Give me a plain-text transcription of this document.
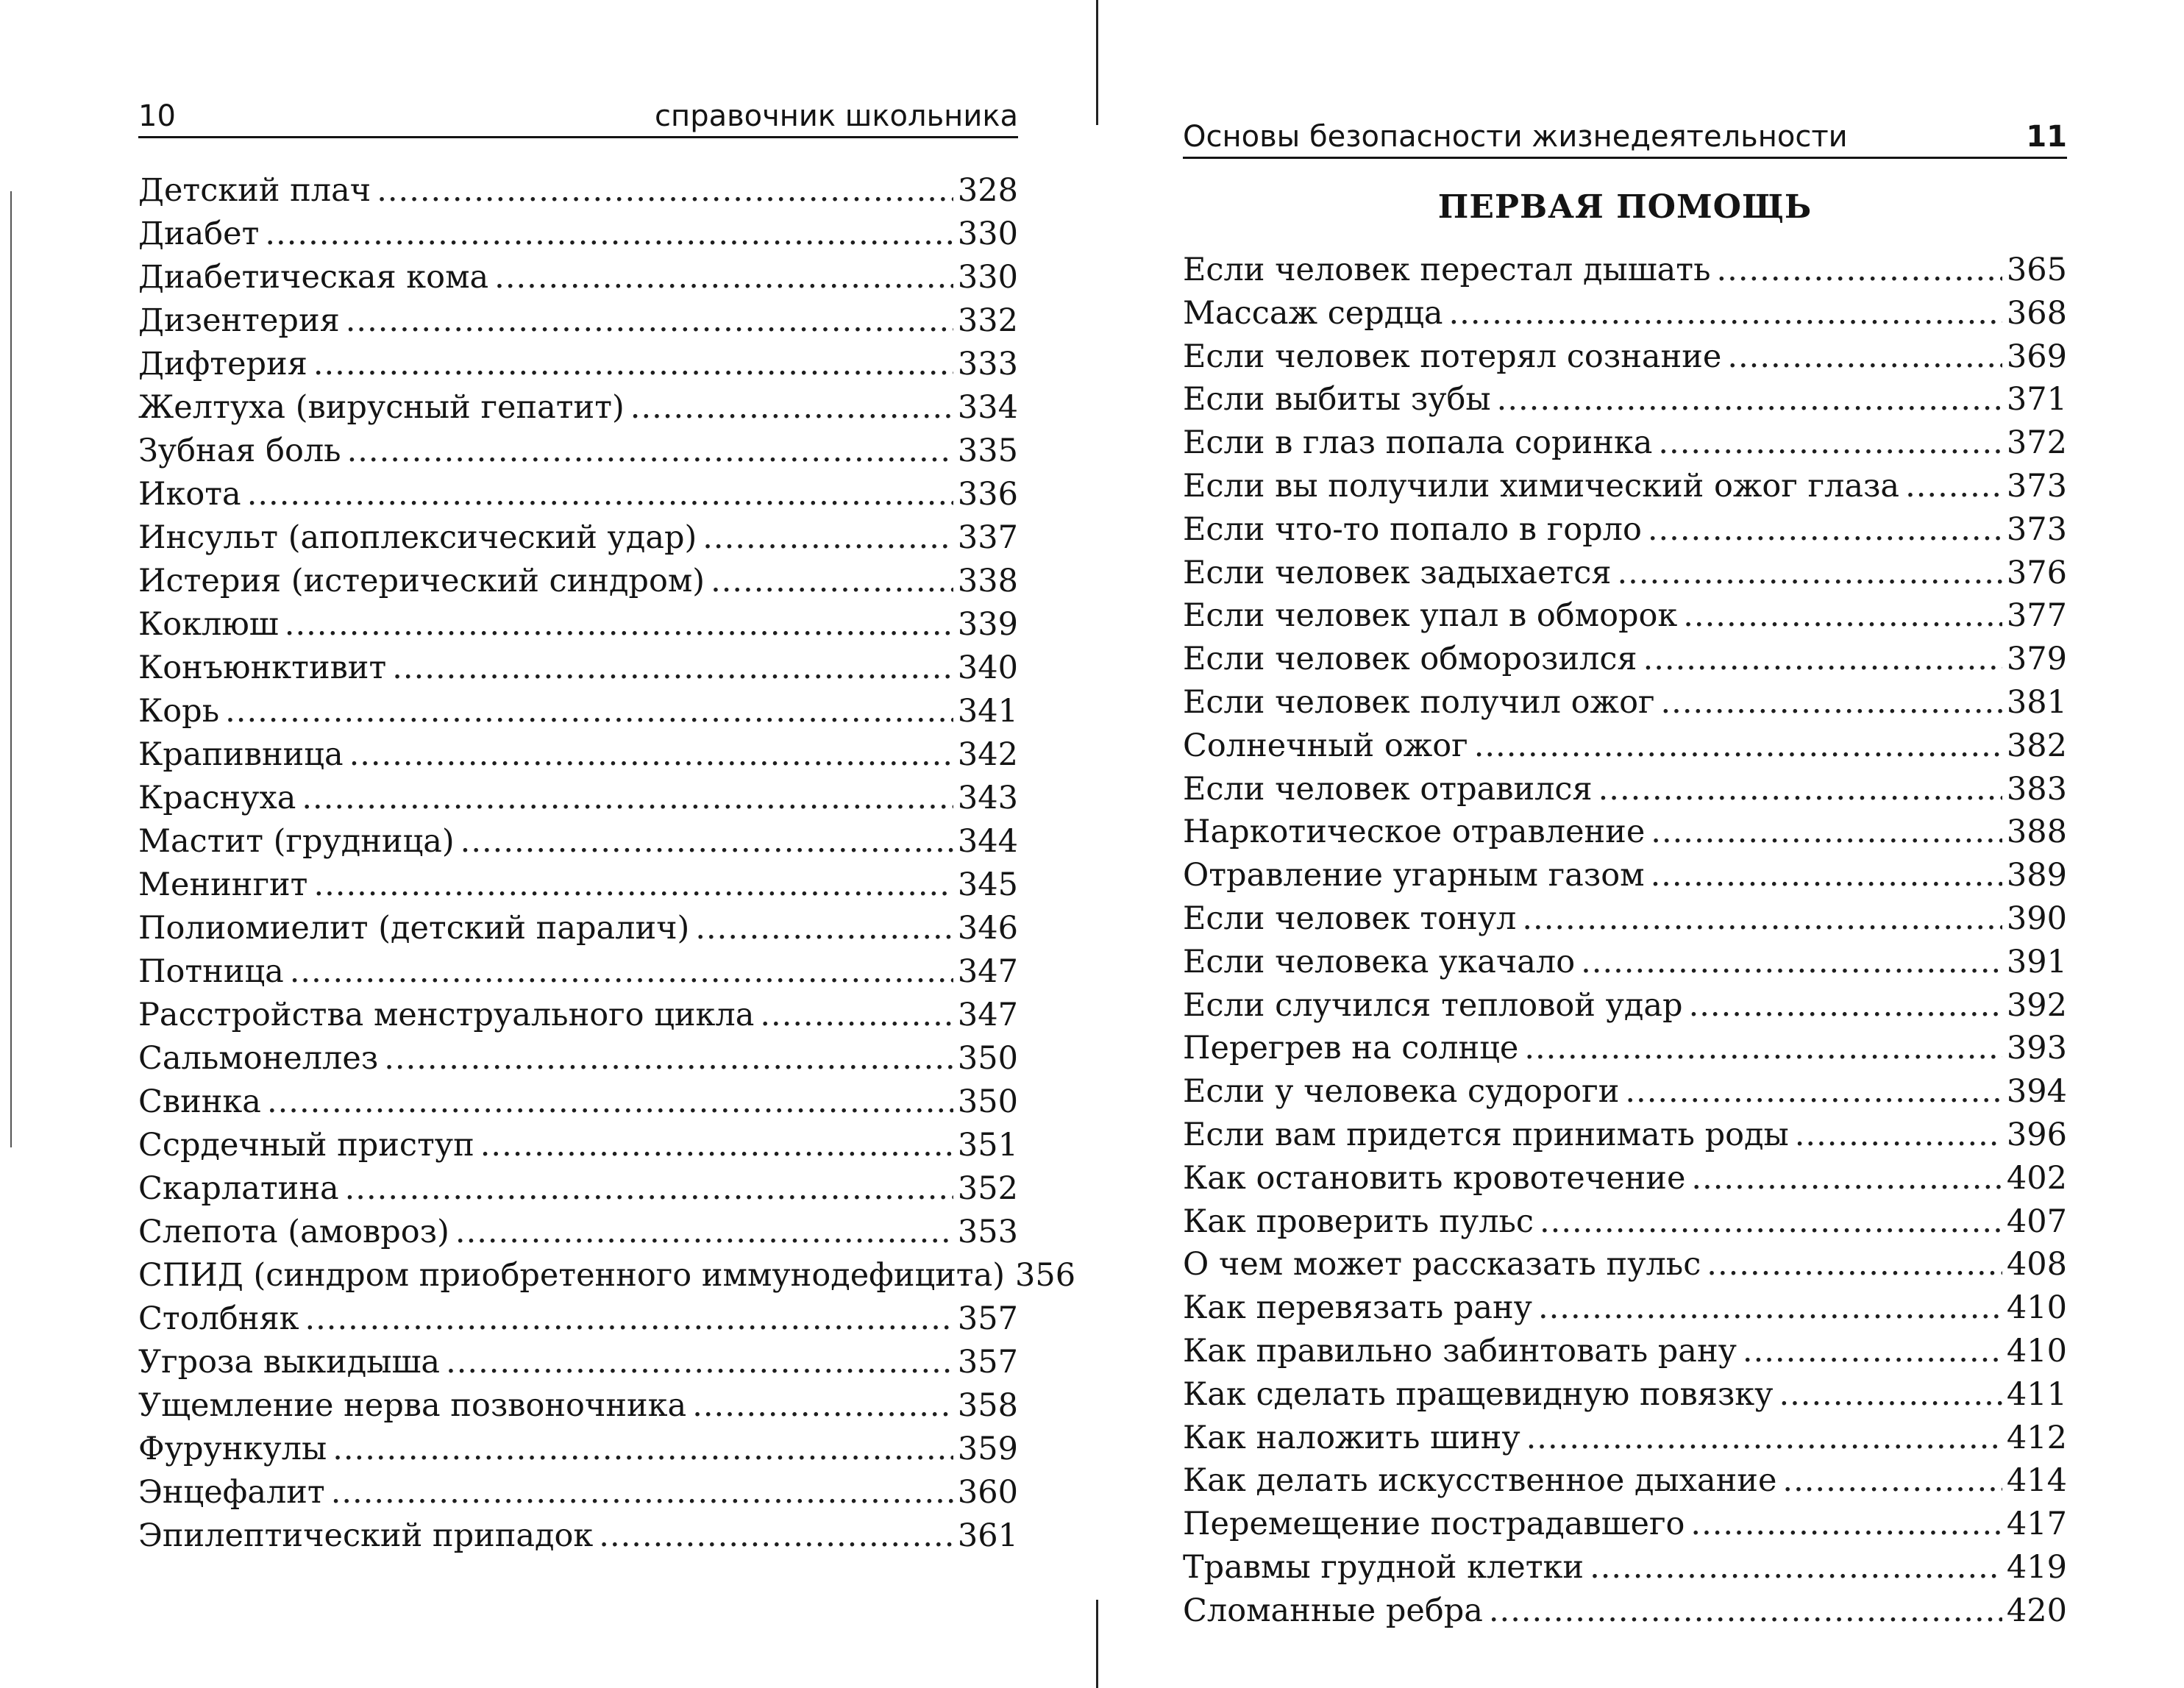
10	справочник школьника
Детский плач .....	328
Диабет .....	330
Диабетическая кома .....	330
Дизентерия .....	332
Дифтерия .....	333
Желтуха (вирусный гепатит) .....	334
Зубная боль .....	335
Икота .....	336
Инсульт (апоплексический удар) .....	337
Истерия (истерический синдром) .....	338
Коклюш .....	339
Конъюнктивит .....	340
Корь .....	341
Крапивница .....	342
Краснуха .....	343
Мастит (грудница) .....	344
Менингит .....	345
Полиомиелит (детский паралич) .....	346
Потница .....	347
Расстройства менструального цикла .....	347
Сальмонеллез .....	350
Свинка .....	350
Ссрдечный приступ .....	351
Скарлатина .....	352
Слепота (амовроз) .....	353
СПИД (синдром приобретенного иммунодефицита) 356
Столбняк .....	357
Угроза выкидыша .....	357
Ущемление нерва позвоночника .....	358
Фурункулы .....	359
Энцефалит .....	360
Эпилептический припадок .....	361
Основы безопасности жизнедеятельности	11
ПЕРВАЯ ПОМОЩЬ
Если человек перестал дышать .....	365
Массаж сердца .....	368
Если человек потерял сознание .....	369
Если выбиты зубы .....	371
Если в глаз попала соринка .....	372
Если вы получили химический ожог глаза .....	373
Если что-то попало в горло .....	373
Если человек задыхается .....	376
Если человек упал в обморок .....	377
Если человек обморозился .....	379
Если человек получил ожог .....	381
Солнечный ожог .....	382
Если человек отравился .....	383
Наркотическое отравление .....	388
Отравление угарным газом .....	389
Если человек тонул .....	390
Если человека укачало .....	391
Если случился тепловой удар .....	392
Перегрев на солнце .....	393
Если у человека судороги .....	394
Если вам придется принимать роды .....	396
Как остановить кровотечение .....	402
Как проверить пульс .....	407
О чем может рассказать пульс .....	408
Как перевязать рану .....	410
Как правильно забинтовать рану .....	410
Как сделать пращевидную повязку .....	411
Как наложить шину .....	412
Как делать искусственное дыхание .....	414
Перемещение пострадавшего .....	417
Травмы грудной клетки .....	419
Сломанные ребра .....	420
